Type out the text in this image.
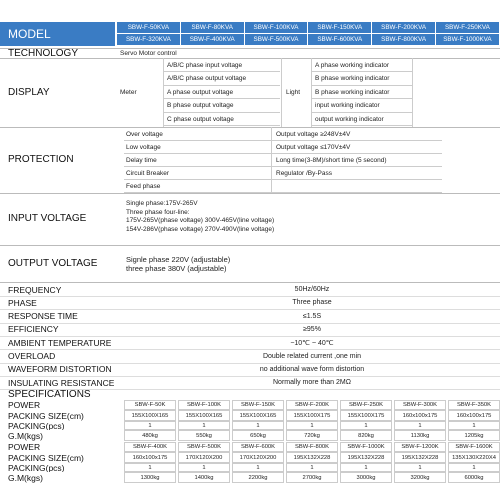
MODEL	SBW-F-50KVA	SBW-F-80KVA	SBW-F-100KVA	SBW-F-150KVA	SBW-F-200KVA	SBW-F-250KVA
SBW-F-320KVA	SBW-F-400KVA	SBW-F-500KVA	SBW-F-600KVA	SBW-F-800KVA	SBW-F-1000KVA
TECHNOLOGY	Servo Motor control
DISPLAY	Meter	Light
A/B/C phase input voltage	A phase working indicator
A/B/C phase output voltage	B phase working indicator
A phase output voltage	B phase working indicator
B phase output voltage	input working indicator
C phase output voltage	output working indicator
PROTECTION
Over voltage	Output voltage ≥248V±4V
Low voltage	Output voltage ≤170V±4V
Delay time	Long time(3-8M)/short time (5 second)
Circuit Breaker	Regulator /By-Pass
Feed phase
INPUT VOLTAGE
Single phase:175V-265V
Three phase four-line:
175V-265V(phase voltage) 300V-465V(line voltage)
154V-286V(phase voltage) 270V-490V(line voltage)
OUTPUT VOLTAGE	Signle phase 220V (adjustable)
three phase 380V (adjustable)
FREQUENCY	50Hz/60Hz
PHASE	Three phase
RESPONSE TIME	≤1.5S
EFFICIENCY	≥95%
AMBIENT TEMPERATURE	−10℃ ~ 40℃
OVERLOAD	Double related current ,one min
WAVEFORM DISTORTION	no additional wave form distortion
INSULATING RESISTANCE	Normally more than 2MΩ
SPECIFICATIONS
POWER	SBW-F-50K	SBW-F-100K	SBW-F-150K	SBW-F-200K	SBW-F-250K	SBW-F-300K	SBW-F-350K
PACKING SIZE(cm)	155X100X165	155X100X165	155X100X165	155X100X175	155X100X175	160x100x175	160x100x175
PACKING(pcs)	1	1	1	1	1	1	1
G.M(kgs)	480kg	550kg	650kg	720kg	820kg	1130kg	1205kg
POWER	SBW-F-400K	SBW-F-500K	SBW-F-600K	SBW-F-800K	SBW-F-1000K	SBW-F-1200K	SBW-F-1600K
PACKING SIZE(cm)	160x100x175	170X120X200	170X120X200	195X132X228	195X132X228	195X132X228	135X130X220X4
PACKING(pcs)	1	1	1	1	1	1	1
G.M(kgs)	1300kg	1400kg	2200kg	2700kg	3000kg	3200kg	6000kg
